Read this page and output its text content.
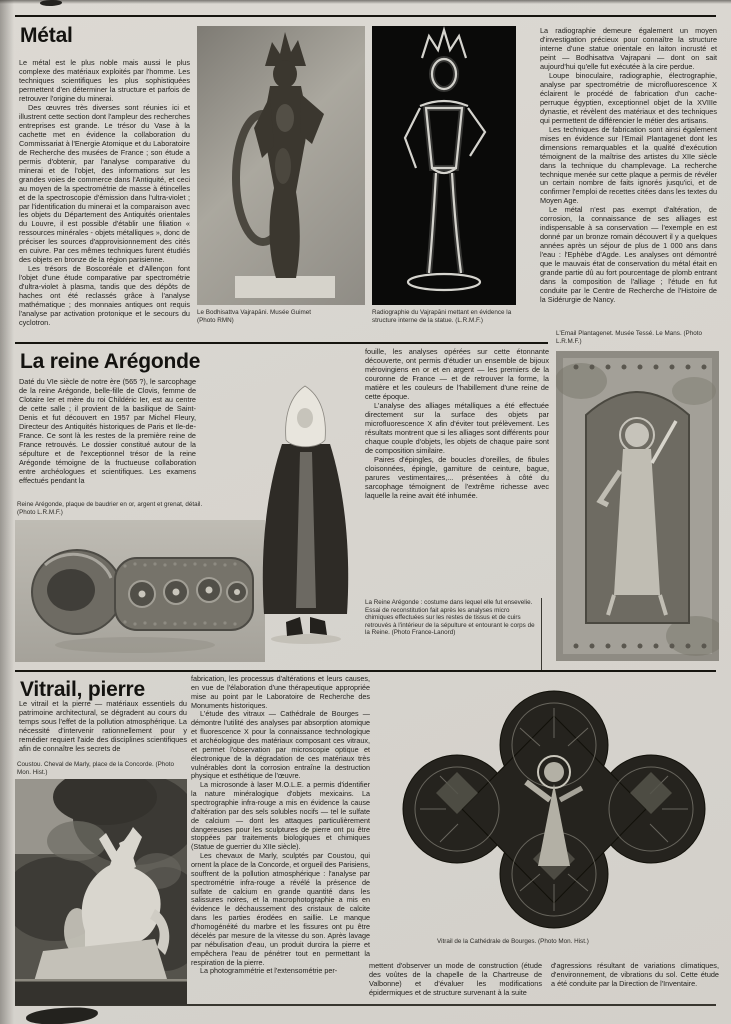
Métal

Le métal est le plus noble mais aussi le plus complexe des matériaux exploités par l'homme. Les techniques scientifiques les plus sophistiquées permettent d'en déterminer la structure et parfois de retrouver l'origine du minerai.

Des œuvres très diverses sont réunies ici et illustrent cette section dont l'ampleur des recherches entreprises est grande. Le trésor du Vase à la cachette met en évidence la collaboration du Commissariat à l'Energie Atomique et du Laboratoire de Recherche des musées de France ; son étude a permis d'obtenir, par l'analyse comparative du minerai et de l'objet, des informations sur les grandes voies de commerce dans l'Antiquité, et ceci au moyen de la spectrométrie de masse à étincelles et de la spectroscopie d'émission dans l'ultra-violet ; par l'identification du minerai et la comparaison avec les objets du Département des Antiquités orientales du Louvre, il est possible d'établir une filiation « ressources minérales - objets métalliques », donc de préciser les sources d'approvisionnement des cités en cuivre. Par ces mêmes techniques furent étudiés des objets en bronze de la région parisienne.

Les trésors de Boscoréale et d'Allençon font l'objet d'une étude comparative par spectrométrie d'ultra-violet à plasma, tandis que des dépôts de haches ont été reclassés grâce à l'analyse mathématique ; des monnaies antiques ont requis l'analyse par activation protonique et le secours du cyclotron.

Le Bodhisattva Vajrapāni. Musée Guimet (Photo RMN)
Radiographie du Vajrapāni mettant en évidence la structure interne de la statue. (L.R.M.F.)

La radiographie demeure également un moyen d'investigation précieux pour connaître la structure interne d'une statue orientale en laiton incrusté et peint — Bodhisattva Vajrapani — dont on sait aujourd'hui qu'elle fut exécutée à la cire perdue.

Loupe binoculaire, radiographie, électrographie, analyse par spectrométrie de microfluorescence X éclairent le procédé de fabrication d'un cache-perruque égyptien, exceptionnel objet de la XVIIIe dynastie, et révèlent des matériaux et des techniques qui permettent de différencier le métier des artisans.

Les techniques de fabrication sont ainsi également mises en évidence sur l'Email Plantagenet dont les dimensions remarquables et la qualité d'exécution témoignent de la maîtrise des artistes du XIIe siècle dans la technique du champlevage. La recherche technique menée sur cette plaque a permis de révéler un certain nombre de faits ignorés jusqu'ici, et de confirmer l'emploi de recettes citées dans les textes du Moyen Age.

Le métal n'est pas exempt d'altération, de corrosion, la connaissance de ses alliages est indispensable à sa conservation — l'exemple en est donné par un bronze romain découvert il y a quelques années après un séjour de plus de 1 000 ans dans l'eau : l'Ephèbe d'Agde. Les analyses ont démontré que le mauvais état de conservation du métal était en grande partie dû au fort pourcentage de plomb entrant dans la composition de l'alliage ; l'étude en fut conduite par le Centre de Recherche de l'Histoire de la Sidérurgie de Nancy.

L'Email Plantagenet. Musée Tessé. Le Mans. (Photo L.R.M.F.)
La reine Arégonde

Daté du VIe siècle de notre ère (565 ?), le sarcophage de la reine Arégonde, belle-fille de Clovis, femme de Clotaire Ier et mère du roi Childéric Ier, est au centre de cette salle ; il provient de la basilique de Saint-Denis et fut découvert en 1957 par Michel Fleury, Directeur des Antiquités historiques de Paris et Ile-de-France. Ce sont là les restes de la première reine de France retrouvés. Le dossier constitué autour de la sépulture et de l'exceptionnel trésor de la reine Arégonde témoigne de la fructueuse collaboration entre archéologues et scientifiques. Les examens effectués pendant la

Reine Arégonde, plaque de baudrier en or, argent et grenat, détail. (Photo L.R.M.F.)

fouille, les analyses opérées sur cette étonnante découverte, ont permis d'étudier un ensemble de bijoux mérovingiens en or et en argent — les premiers de la couronne de France — et de retrouver la forme, la matière et les couleurs de l'habillement d'une reine de cette époque.

L'analyse des alliages métalliques a été effectuée directement sur la surface des objets par microfluorescence X afin d'éviter tout prélèvement. Les résultats montrent que si les alliages sont différents pour chaque couple d'objets, les objets de chaque paire sont de composition similaire.

Paires d'épingles, de boucles d'oreilles, de fibules cloisonnées, épingle, garniture de ceinture, bague, parures vestimentaires,... présentées à côté du sarcophage témoignent de l'extrême richesse avec laquelle la reine avait été inhumée.

La Reine Arégonde : costume dans lequel elle fut ensevelie. Essai de reconstitution fait après les analyses micro chimiques effectuées sur les restes de tissus et de cuirs retrouvés à l'intérieur de la sépulture et entourant le corps de la Reine. (Photo France-Lanord)
Vitrail, pierre

Le vitrail et la pierre — matériaux essentiels du patrimoine architectural, se dégradent au cours du temps sous l'effet de la pollution atmosphérique. La nécessité d'intervenir rationnellement pour y remédier requiert l'aide des disciplines scientifiques afin de connaître les secrets de

Coustou. Cheval de Marly, place de la Concorde. (Photo Mon. Hist.)

fabrication, les processus d'altérations et leurs causes, en vue de l'élaboration d'une thérapeutique appropriée mise au point par le Laboratoire de Recherche des Monuments historiques.

L'étude des vitraux — Cathédrale de Bourges — démontre l'utilité des analyses par absorption atomique et fluorescence X pour la connaissance technologique et archéologique des matériaux composant ces vitraux, et permet l'observation par microscopie optique et électronique de la dégradation de ces matériaux très vulnérables dont la corrosion entraîne la destruction physique et esthétique de l'œuvre.

La microsonde à laser M.O.L.E. a permis d'identifier la nature minéralogique d'objets mexicains. La spectrographie infra-rouge a mis en évidence la cause d'altération par des sels solubles nocifs — tel le sulfate de calcium — dont les attaques particulièrement dangereuses pour les sculptures de pierre ont pu être stoppées par traitements biologiques et chimiques (Statue de guerrier du XIIe siècle).

Les chevaux de Marly, sculptés par Coustou, qui ornent la place de la Concorde, et orgueil des Parisiens, souffrent de la pollution atmosphérique : l'analyse par spectrométrie infra-rouge a révélé la présence de sulfate de calcium en grande quantité dans les salissures noires, et la macrophotographie a mis en évidence le déchaussement des cristaux de calcite dans les parties érodées en saillie. Le manque d'homogénéité du marbre et les fissures ont pu être décelés par mesure de la vitesse du son. Après lavage par nébulisation d'eau, un produit durcira la pierre et empêchera l'eau de pénétrer tout en permettant la respiration de la pierre.

La photogrammétrie et l'extensométrie per-

Vitrail de la Cathédrale de Bourges. (Photo Mon. Hist.)

mettent d'observer un mode de construction (étude des voûtes de la chapelle de la Chartreuse de Valbonne) et d'évaluer les modifications épidermiques et de structure survenant à la suite

d'agressions résultant de variations climatiques, d'environnement, de vibrations du sol. Cette étude a été conduite par la Direction de l'Inventaire.
